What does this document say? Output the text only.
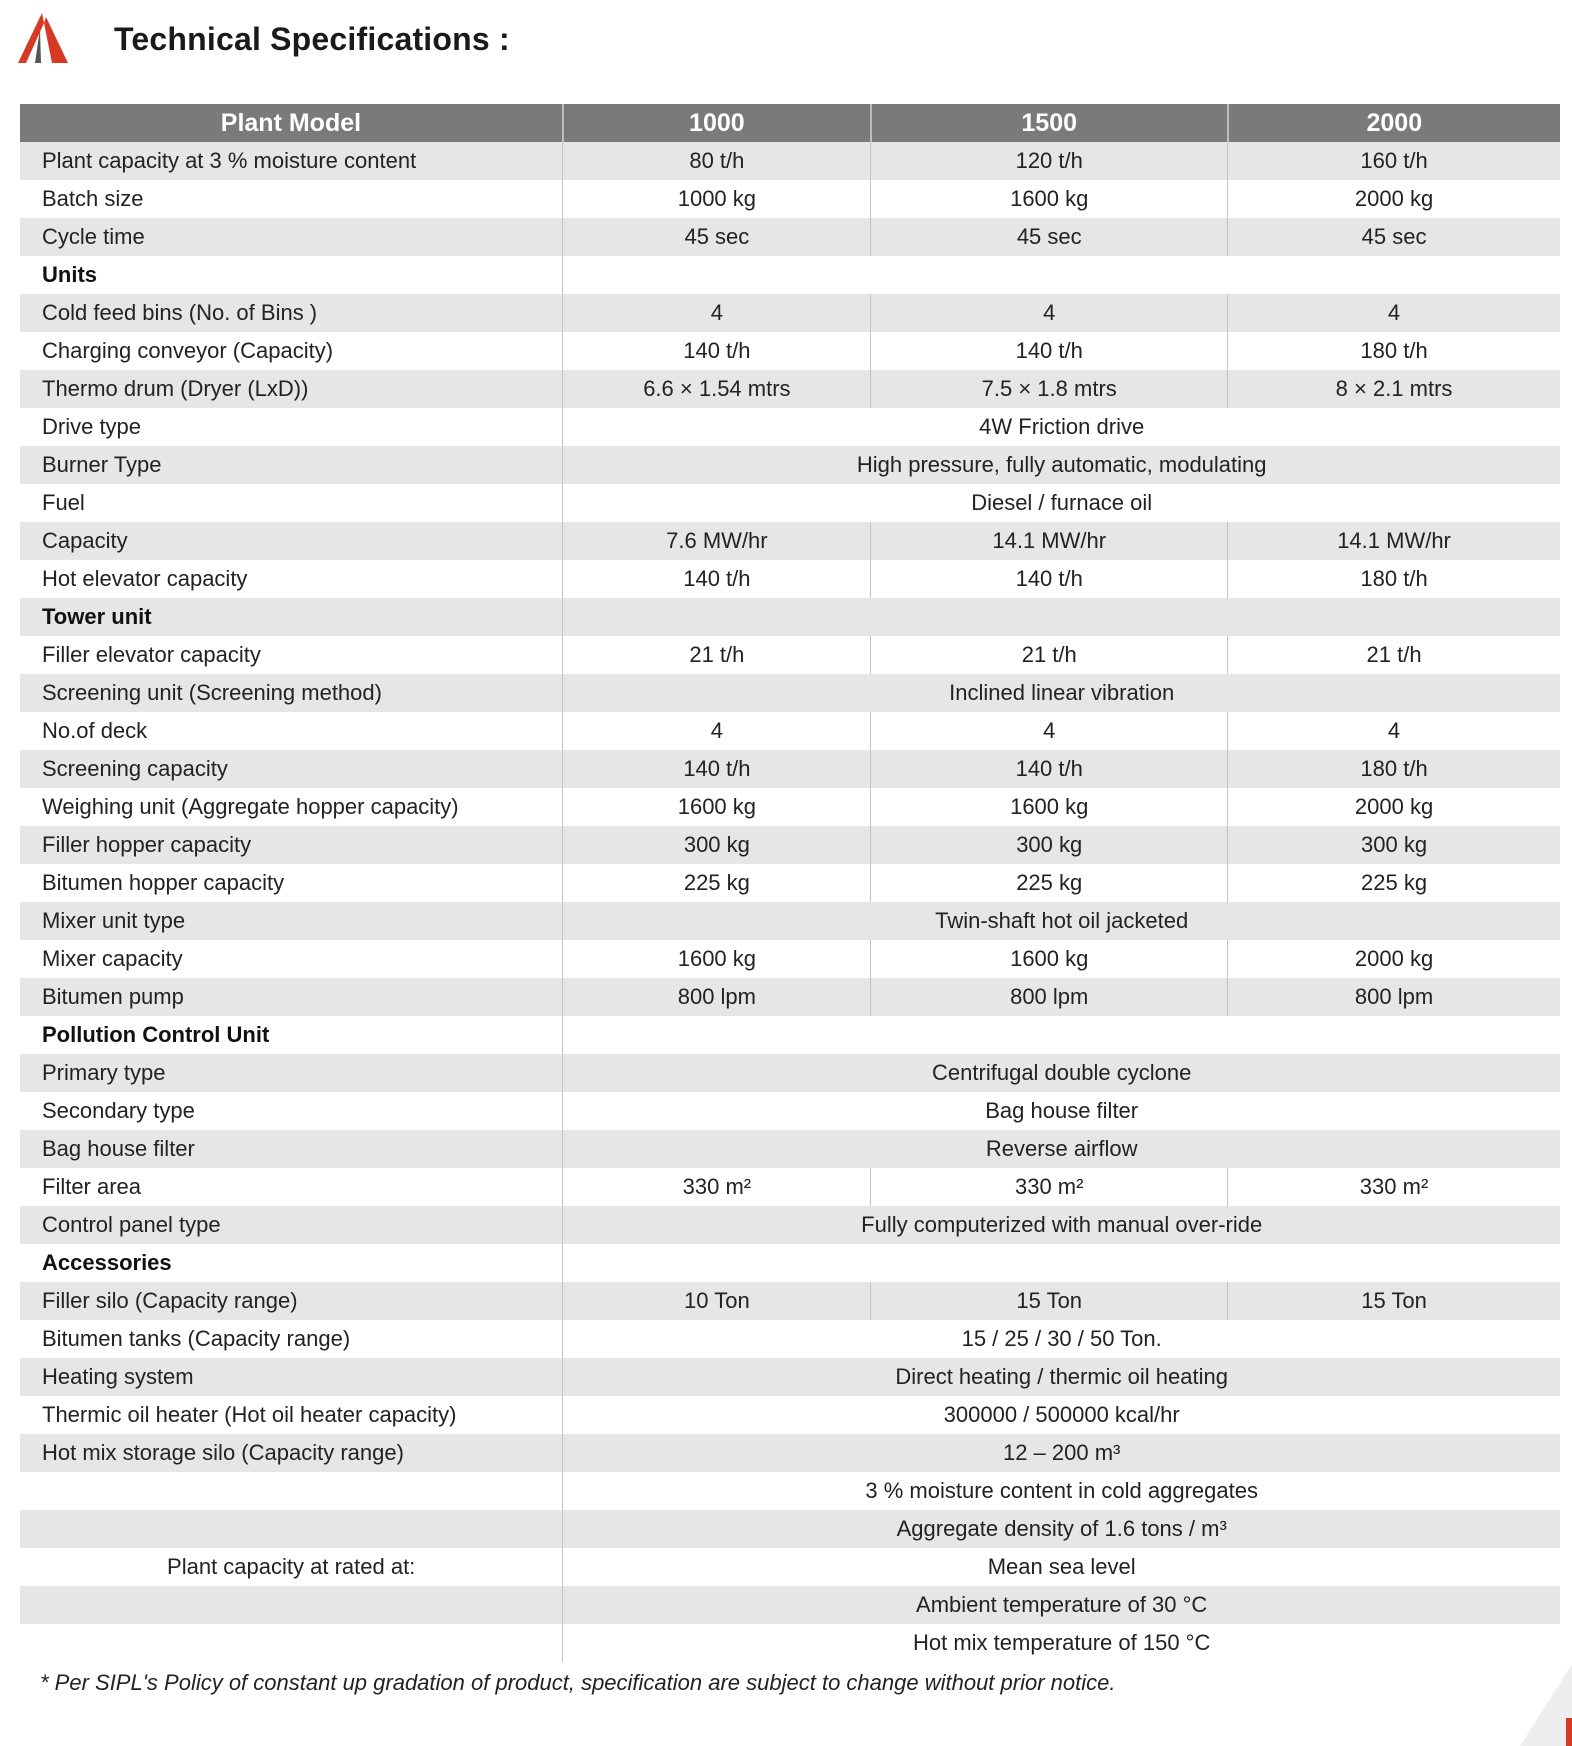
Technical Specifications :
Plant Model	1000	1500	2000
Plant capacity at 3 % moisture content	80 t/h	120 t/h	160 t/h
Batch size	1000 kg	1600 kg	2000 kg
Cycle time	45 sec	45 sec	45 sec
Units			
Cold feed bins (No. of Bins )	4	4	4
Charging conveyor (Capacity)	140 t/h	140 t/h	180 t/h
Thermo drum (Dryer (LxD))	6.6 × 1.54 mtrs	7.5 × 1.8 mtrs	8 × 2.1 mtrs
Drive type	4W Friction drive		
Burner Type	High pressure, fully automatic, modulating		
Fuel	Diesel / furnace oil		
Capacity	7.6 MW/hr	14.1 MW/hr	14.1 MW/hr
Hot elevator capacity	140 t/h	140 t/h	180 t/h
Tower unit			
Filler elevator capacity	21 t/h	21 t/h	21 t/h
Screening unit (Screening method)	Inclined linear vibration		
No.of deck	4	4	4
Screening capacity	140 t/h	140 t/h	180 t/h
Weighing unit (Aggregate hopper capacity)	1600 kg	1600 kg	2000 kg
Filler hopper capacity	300 kg	300 kg	300 kg
Bitumen hopper capacity	225 kg	225 kg	225 kg
Mixer unit type	Twin-shaft hot oil jacketed		
Mixer capacity	1600 kg	1600 kg	2000 kg
Bitumen pump	800 lpm	800 lpm	800 lpm
Pollution Control Unit			
Primary type	Centrifugal double cyclone		
Secondary type	Bag house filter		
Bag house filter	Reverse airflow		
Filter area	330 m²	330 m²	330 m²
Control panel type	Fully computerized with manual over-ride		
Accessories			
Filler silo (Capacity range)	10 Ton	15 Ton	15 Ton
Bitumen tanks (Capacity range)	15 / 25 / 30 / 50 Ton.		
Heating system	Direct heating / thermic oil heating		
Thermic oil heater (Hot oil heater capacity)	300000 / 500000 kcal/hr		
Hot mix storage silo (Capacity range)	12 – 200 m³		
	3 % moisture content in cold aggregates		
	Aggregate density of 1.6 tons / m³		
Plant capacity at rated at:	Mean sea level		
	Ambient temperature of 30 °C		
	Hot mix temperature of 150 °C		
* Per SIPL's Policy of constant up gradation of product, specification are subject to change without prior notice.
